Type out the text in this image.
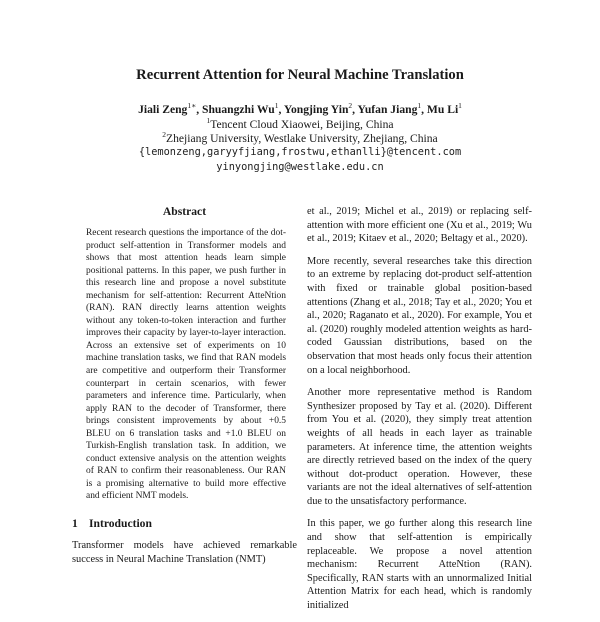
Recurrent Attention for Neural Machine Translation
Jiali Zeng$^{1∗}$, Shuangzhi Wu$^1$, Yongjing Yin$^2$, Yufan Jiang$^1$, Mu Li$^1$
$^1$Tencent Cloud Xiaowei, Beijing, China
$^2$Zhejiang University, Westlake University, Zhejiang, China
{lemonzeng,garyyfjiang,frostwu,ethanlli}@tencent.com
yinyongjing@westlake.edu.cn
Abstract

Recent research questions the importance of the dot-product self-attention in Transformer models and shows that most attention heads learn simple positional patterns. In this paper, we push further in this research line and propose a novel substitute mechanism for self-attention: Recurrent AtteNtion (RAN). RAN directly learns attention weights without any token-to-token interaction and further improves their capacity by layer-to-layer interaction. Across an extensive set of experiments on 10 machine translation tasks, we find that RAN models are competitive and outperform their Transformer counterpart in certain scenarios, with fewer parameters and inference time. Particularly, when apply RAN to the decoder of Transformer, there brings consistent improvements by about +0.5 BLEU on 6 translation tasks and +1.0 BLEU on Turkish-English translation task. In addition, we conduct extensive analysis on the attention weights of RAN to confirm their reasonableness. Our RAN is a promising alternative to build more effective and efficient NMT models.

1 Introduction

Transformer models have achieved remarkable success in Neural Machine Translation (NMT)

et al., 2019; Michel et al., 2019) or replacing self-attention with more efficient one (Xu et al., 2019; Wu et al., 2019; Kitaev et al., 2020; Beltagy et al., 2020).

More recently, several researches take this direction to an extreme by replacing dot-product self-attention with fixed or trainable global position-based attentions (Zhang et al., 2018; Tay et al., 2020; You et al., 2020; Raganato et al., 2020). For example, You et al. (2020) roughly modeled attention weights as hard-coded Gaussian distributions, based on the observation that most heads only focus their attention on a local neighborhood.

Another more representative method is Random Synthesizer proposed by Tay et al. (2020). Different from You et al. (2020), they simply treat attention weights of all heads in each layer as trainable parameters. At inference time, the attention weights are directly retrieved based on the index of the query without dot-product operation. However, these variants are not the ideal alternatives of self-attention due to the unsatisfactory performance.

In this paper, we go further along this research line and show that self-attention is empirically replaceable. We propose a novel attention mechanism: Recurrent AtteNtion (RAN). Specifically, RAN starts with an unnormalized Initial Attention Matrix for each head, which is randomly initialized
